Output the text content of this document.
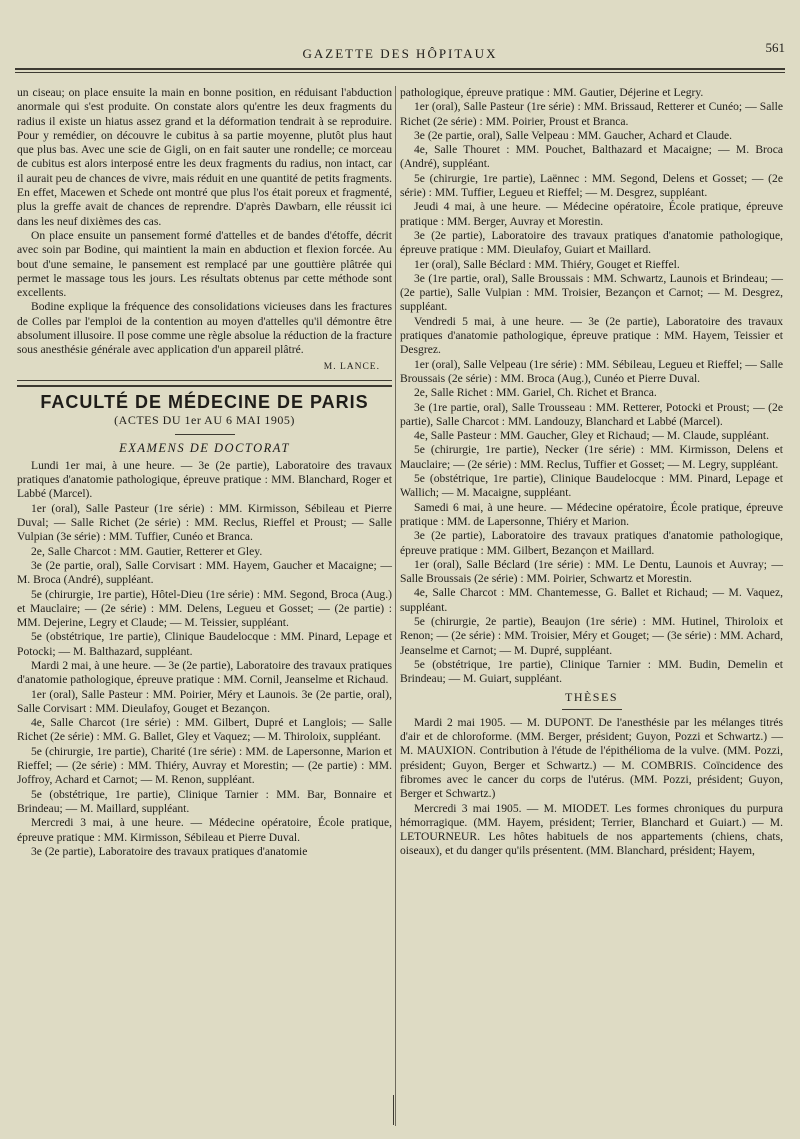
GAZETTE DES HÔPITAUX	561

un ciseau; on place ensuite la main en bonne position, en réduisant l'abduction anormale qui s'est produite. On constate alors qu'entre les deux fragments du radius il existe un hiatus assez grand et la déformation tendrait à se reproduire. Pour y remédier, on découvre le cubitus à sa partie moyenne, plutôt plus haut que plus bas. Avec une scie de Gigli, on en fait sauter une rondelle; ce morceau de cubitus est alors interposé entre les deux fragments du radius, non intact, car il aurait peu de chances de vivre, mais réduit en une quantité de petits fragments. En effet, Macewen et Schede ont montré que plus l'os était poreux et fragmenté, plus la greffe avait de chances de reprendre. D'après Dawbarn, elle réussit ici dans les neuf dixièmes des cas.

On place ensuite un pansement formé d'attelles et de bandes d'étoffe, décrit avec soin par Bodine, qui maintient la main en abduction et flexion forcée. Au bout d'une semaine, le pansement est remplacé par une gouttière plâtrée qui permet le massage tous les jours. Les résultats obtenus par cette méthode sont excellents.

Bodine explique la fréquence des consolidations vicieuses dans les fractures de Colles par l'emploi de la contention au moyen d'attelles qu'il démontre être absolument illusoire. Il pose comme une règle absolue la réduction de la fracture sous anesthésie générale avec application d'un appareil plâtré.

M. LANCE.
FACULTÉ DE MÉDECINE DE PARIS
(ACTES DU 1er AU 6 MAI 1905)
EXAMENS DE DOCTORAT

Lundi 1er mai, à une heure. — 3e (2e partie), Laboratoire des travaux pratiques d'anatomie pathologique, épreuve pratique : MM. Blanchard, Roger et Labbé (Marcel).

1er (oral), Salle Pasteur (1re série) : MM. Kirmisson, Sébileau et Pierre Duval; — Salle Richet (2e série) : MM. Reclus, Rieffel et Proust; — Salle Vulpian (3e série) : MM. Tuffier, Cunéo et Branca.

2e, Salle Charcot : MM. Gautier, Retterer et Gley.

3e (2e partie, oral), Salle Corvisart : MM. Hayem, Gaucher et Macaigne; — M. Broca (André), suppléant.

5e (chirurgie, 1re partie), Hôtel-Dieu (1re série) : MM. Segond, Broca (Aug.) et Mauclaire; — (2e série) : MM. Delens, Legueu et Gosset; — (2e partie) : MM. Dejerine, Legry et Claude; — M. Teissier, suppléant.

5e (obstétrique, 1re partie), Clinique Baudelocque : MM. Pinard, Lepage et Potocki; — M. Balthazard, suppléant.

Mardi 2 mai, à une heure. — 3e (2e partie), Laboratoire des travaux pratiques d'anatomie pathologique, épreuve pratique : MM. Cornil, Jeanselme et Richaud.

1er (oral), Salle Pasteur : MM. Poirier, Méry et Launois. 3e (2e partie, oral), Salle Corvisart : MM. Dieulafoy, Gouget et Bezançon.

4e, Salle Charcot (1re série) : MM. Gilbert, Dupré et Langlois; — Salle Richet (2e série) : MM. G. Ballet, Gley et Vaquez; — M. Thiroloix, suppléant.

5e (chirurgie, 1re partie), Charité (1re série) : MM. de Lapersonne, Marion et Rieffel; — (2e série) : MM. Thiéry, Auvray et Morestin; — (2e partie) : MM. Joffroy, Achard et Carnot; — M. Renon, suppléant.

5e (obstétrique, 1re partie), Clinique Tarnier : MM. Bar, Bonnaire et Brindeau; — M. Maillard, suppléant.

Mercredi 3 mai, à une heure. — Médecine opératoire, École pratique, épreuve pratique : MM. Kirmisson, Sébileau et Pierre Duval.

3e (2e partie), Laboratoire des travaux pratiques d'anatomie

pathologique, épreuve pratique : MM. Gautier, Déjerine et Legry.

1er (oral), Salle Pasteur (1re série) : MM. Brissaud, Retterer et Cunéo; — Salle Richet (2e série) : MM. Poirier, Proust et Branca.

3e (2e partie, oral), Salle Velpeau : MM. Gaucher, Achard et Claude.

4e, Salle Thouret : MM. Pouchet, Balthazard et Macaigne; — M. Broca (André), suppléant.

5e (chirurgie, 1re partie), Laënnec : MM. Segond, Delens et Gosset; — (2e série) : MM. Tuffier, Legueu et Rieffel; — M. Desgrez, suppléant.

Jeudi 4 mai, à une heure. — Médecine opératoire, École pratique, épreuve pratique : MM. Berger, Auvray et Morestin.

3e (2e partie), Laboratoire des travaux pratiques d'anatomie pathologique, épreuve pratique : MM. Dieulafoy, Guiart et Maillard.

1er (oral), Salle Béclard : MM. Thiéry, Gouget et Rieffel.

3e (1re partie, oral), Salle Broussais : MM. Schwartz, Launois et Brindeau; — (2e partie), Salle Vulpian : MM. Troisier, Bezançon et Carnot; — M. Desgrez, suppléant.

Vendredi 5 mai, à une heure. — 3e (2e partie), Laboratoire des travaux pratiques d'anatomie pathologique, épreuve pratique : MM. Hayem, Teissier et Desgrez.

1er (oral), Salle Velpeau (1re série) : MM. Sébileau, Legueu et Rieffel; — Salle Broussais (2e série) : MM. Broca (Aug.), Cunéo et Pierre Duval.

2e, Salle Richet : MM. Gariel, Ch. Richet et Branca.

3e (1re partie, oral), Salle Trousseau : MM. Retterer, Potocki et Proust; — (2e partie), Salle Charcot : MM. Landouzy, Blanchard et Labbé (Marcel).

4e, Salle Pasteur : MM. Gaucher, Gley et Richaud; — M. Claude, suppléant.

5e (chirurgie, 1re partie), Necker (1re série) : MM. Kirmisson, Delens et Mauclaire; — (2e série) : MM. Reclus, Tuffier et Gosset; — M. Legry, suppléant.

5e (obstétrique, 1re partie), Clinique Baudelocque : MM. Pinard, Lepage et Wallich; — M. Macaigne, suppléant.

Samedi 6 mai, à une heure. — Médecine opératoire, École pratique, épreuve pratique : MM. de Lapersonne, Thiéry et Marion.

3e (2e partie), Laboratoire des travaux pratiques d'anatomie pathologique, épreuve pratique : MM. Gilbert, Bezançon et Maillard.

1er (oral), Salle Béclard (1re série) : MM. Le Dentu, Launois et Auvray; — Salle Broussais (2e série) : MM. Poirier, Schwartz et Morestin.

4e, Salle Charcot : MM. Chantemesse, G. Ballet et Richaud; — M. Vaquez, suppléant.

5e (chirurgie, 2e partie), Beaujon (1re série) : MM. Hutinel, Thiroloix et Renon; — (2e série) : MM. Troisier, Méry et Gouget; — (3e série) : MM. Achard, Jeanselme et Carnot; — M. Dupré, suppléant.

5e (obstétrique, 1re partie), Clinique Tarnier : MM. Budin, Demelin et Brindeau; — M. Guiart, suppléant.

THÈSES

Mardi 2 mai 1905. — M. DUPONT. De l'anesthésie par les mélanges titrés d'air et de chloroforme. (MM. Berger, président; Guyon, Pozzi et Schwartz.) — M. MAUXION. Contribution à l'étude de l'épithélioma de la vulve. (MM. Pozzi, président; Guyon, Berger et Schwartz.) — M. COMBRIS. Coïncidence des fibromes avec le cancer du corps de l'utérus. (MM. Pozzi, président; Guyon, Berger et Schwartz.)

Mercredi 3 mai 1905. — M. MIODET. Les formes chroniques du purpura hémorragique. (MM. Hayem, président; Terrier, Blanchard et Guiart.) — M. LETOURNEUR. Les hôtes habituels de nos appartements (chiens, chats, oiseaux), et du danger qu'ils présentent. (MM. Blanchard, président; Hayem,
